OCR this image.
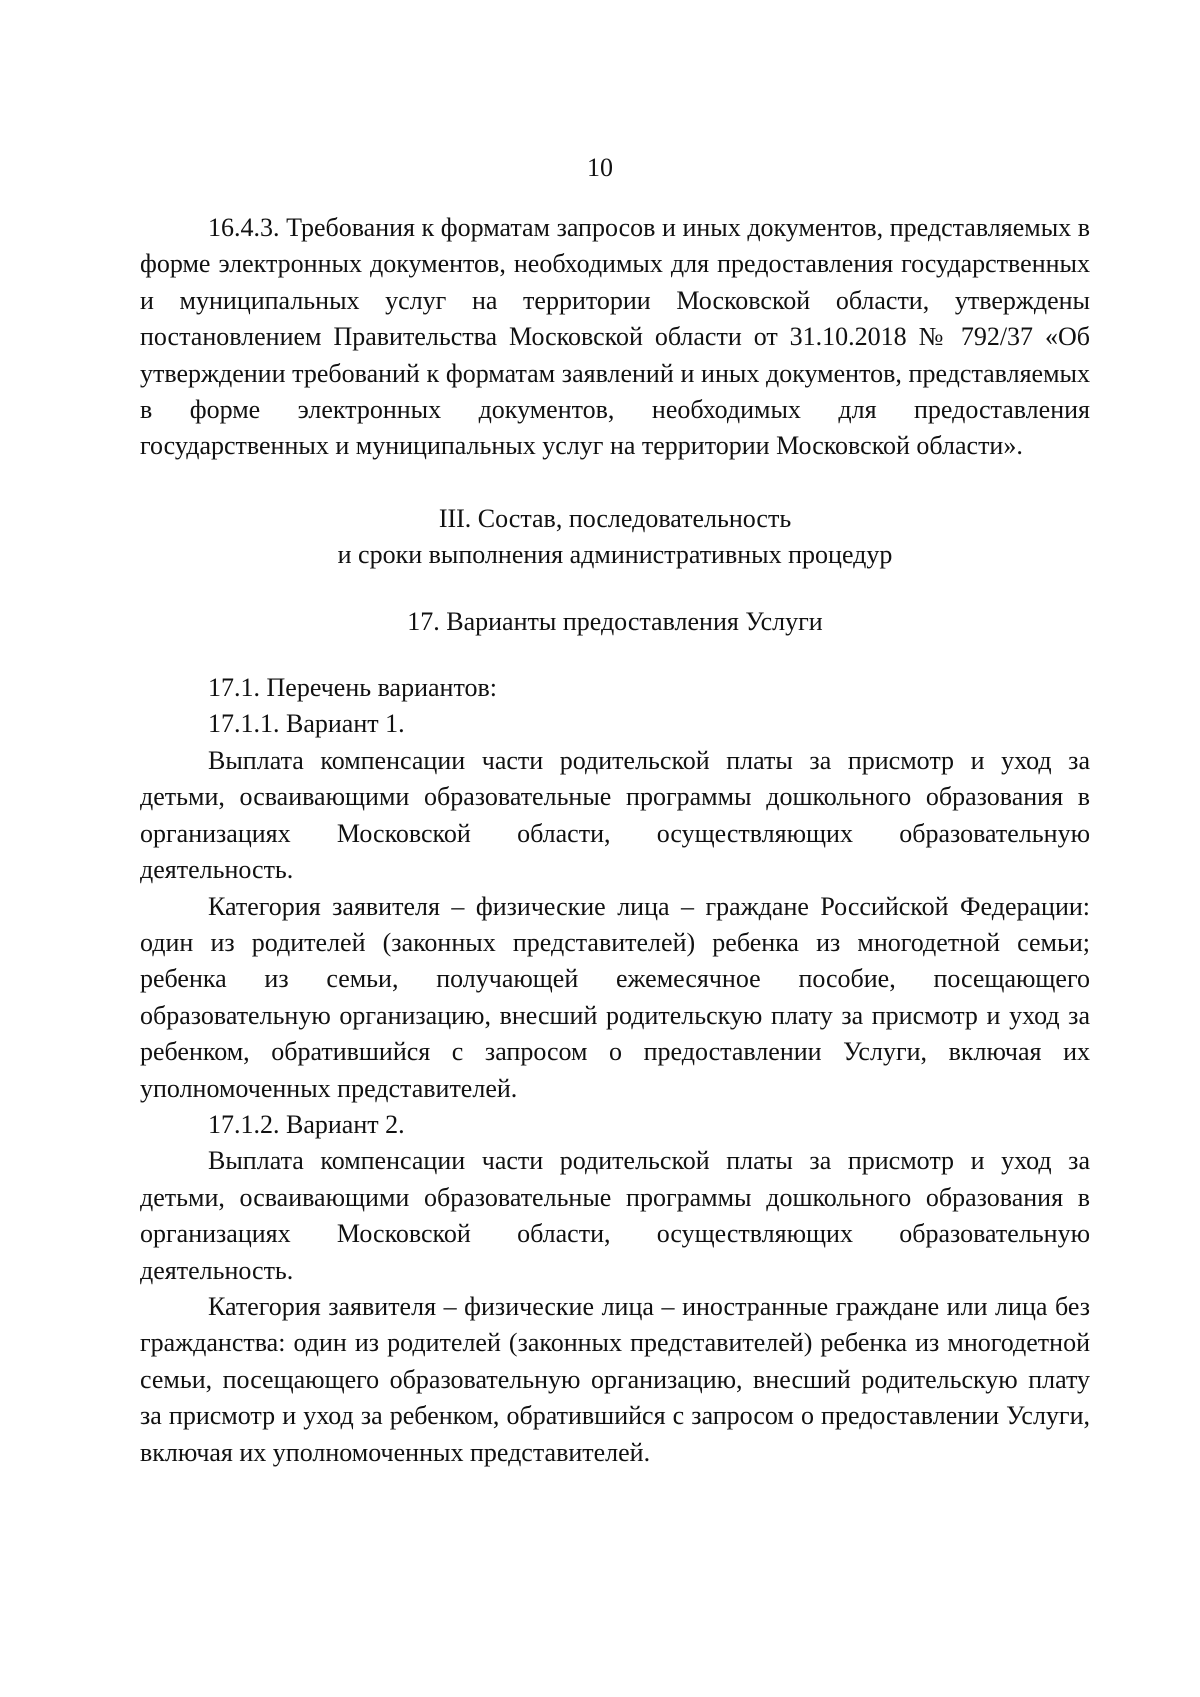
10

16.4.3. Требования к форматам запросов и иных документов, представляемых в форме электронных документов, необходимых для предоставления государственных и муниципальных услуг на территории Московской области, утверждены постановлением Правительства Московской области от 31.10.2018 № 792/37 «Об утверждении требований к форматам заявлений и иных документов, представляемых в форме электронных документов, необходимых для предоставления государственных и муниципальных услуг на территории Московской области».

III. Состав, последовательность

и сроки выполнения административных процедур

17. Варианты предоставления Услуги

17.1. Перечень вариантов:

17.1.1. Вариант 1.

Выплата компенсации части родительской платы за присмотр и уход за детьми, осваивающими образовательные программы дошкольного образования в организациях Московской области, осуществляющих образовательную деятельность.

Категория заявителя – физические лица – граждане Российской Федерации: один из родителей (законных представителей) ребенка из многодетной семьи; ребенка из семьи, получающей ежемесячное пособие, посещающего образовательную организацию, внесший родительскую плату за присмотр и уход за ребенком, обратившийся с запросом о предоставлении Услуги, включая их уполномоченных представителей.

17.1.2. Вариант 2.

Выплата компенсации части родительской платы за присмотр и уход за детьми, осваивающими образовательные программы дошкольного образования в организациях Московской области, осуществляющих образовательную деятельность.

Категория заявителя – физические лица – иностранные граждане или лица без гражданства: один из родителей (законных представителей) ребенка из многодетной семьи, посещающего образовательную организацию, внесший родительскую плату за присмотр и уход за ребенком, обратившийся с запросом о предоставлении Услуги, включая их уполномоченных представителей.
